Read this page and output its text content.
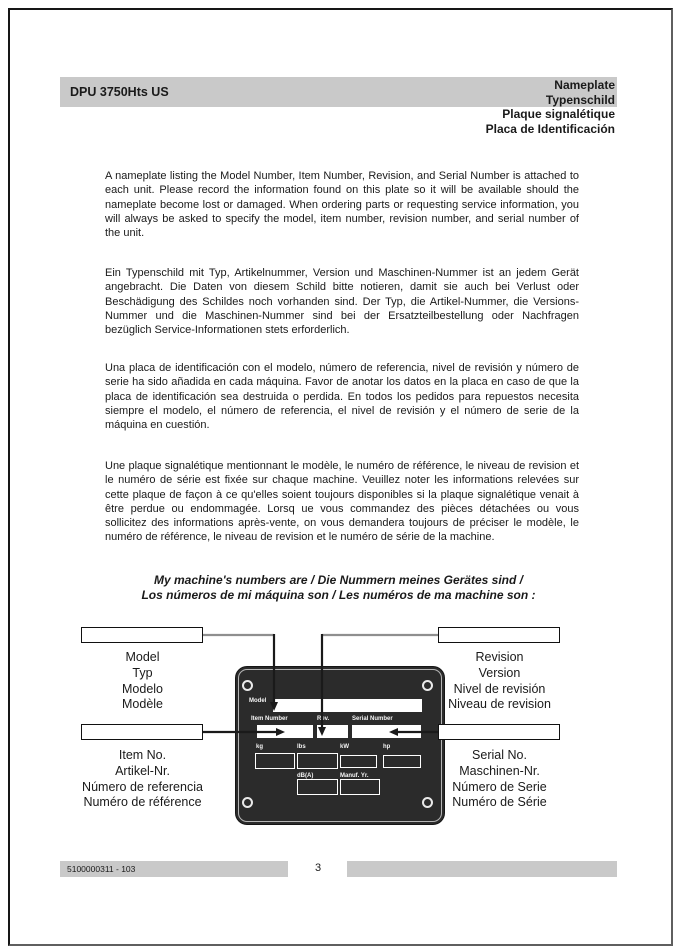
DPU 3750Hts US	Nameplate
Typenschild
Plaque signalétique
Placa de Identificación
A nameplate listing the Model Number, Item Number, Revision, and Serial Number is attached to each unit. Please record the information found on this plate so it will be available should the nameplate become lost or damaged. When ordering parts or requesting service information, you will always be asked to specify the model, item number, revision number, and serial number of the unit.
Ein Typenschild mit Typ, Artikelnummer, Version und Maschinen-Nummer ist an jedem Gerät angebracht. Die Daten von diesem Schild bitte notieren, damit sie auch bei Verlust oder Beschädigung des Schildes noch vorhanden sind. Der Typ, die Artikel-Nummer, die Versions- Nummer und die Maschinen-Nummer sind bei der Ersatzteilbestellung oder Nachfragen bezüglich Service-Informationen stets erforderlich.
Una placa de identificación con el modelo, número de referencia, nivel de revisión y número de serie ha sido añadida en cada máquina. Favor de anotar los datos en la placa en caso de que la placa de identificación sea destruida o perdida. En todos los pedidos para repuestos necesita siempre el modelo, el número de referencia, el nivel de revisión y el número de serie de la máquina en cuestión.
Une plaque signalétique mentionnant le modèle, le numéro de référence, le niveau de revision et le numéro de série est fixée sur chaque machine. Veuillez noter les informations relevées sur cette plaque de façon à ce qu'elles soient toujours disponibles si la plaque signalétique venait à être perdue ou endommagée. Lorsq ue vous commandez des pièces détachées ou vous sollicitez des informations après-vente, on vous demandera toujours de préciser le modèle, le numéro de référence, le niveau de revision et le numéro de série de la machine.
My machine's numbers are / Die Nummern meines Gerätes sind /
Los números de mi máquina son / Les numéros de ma machine son :
Model
Typ
Modelo
Modèle
Revision
Version
Nivel de revisión
Niveau de revision
Item No.
Artikel-Nr.
Número de referencia
Numéro de référence
Serial No.
Maschinen-Nr.
Número de Serie
Numéro de Série
Model
Item Number	Rev.	Serial Number
kg	lbs	kW	hp
dB(A)	Manuf. Yr.
5100000311 - 103	3
